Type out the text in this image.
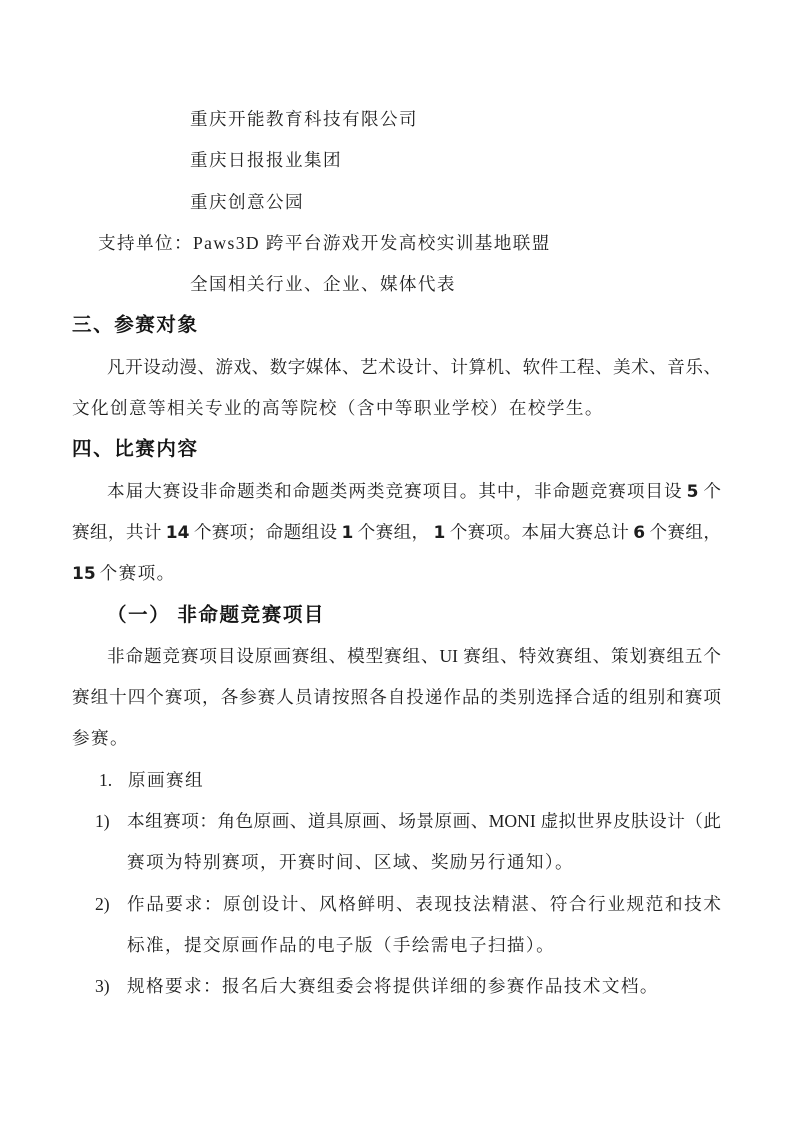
重庆开能教育科技有限公司
重庆日报报业集团
重庆创意公园
支持单位：Paws3D 跨平台游戏开发高校实训基地联盟
全国相关行业、企业、媒体代表
三、参赛对象
凡开设动漫、游戏、数字媒体、艺术设计、计算机、软件工程、美术、音乐、
文化创意等相关专业的高等院校（含中等职业学校）在校学生。
四、比赛内容
本届大赛设非命题类和命题类两类竞赛项目。其中，非命题竞赛项目设 5 个
赛组，共计 14 个赛项；命题组设 1 个赛组， 1 个赛项。本届大赛总计 6 个赛组，
15 个赛项。
（一） 非命题竞赛项目
非命题竞赛项目设原画赛组、模型赛组、UI 赛组、特效赛组、策划赛组五个
赛组十四个赛项，各参赛人员请按照各自投递作品的类别选择合适的组别和赛项
参赛。
1. 原画赛组
1) 本组赛项：角色原画、道具原画、场景原画、MONI 虚拟世界皮肤设计（此
赛项为特别赛项，开赛时间、区域、奖励另行通知）。
2) 作品要求：原创设计、风格鲜明、表现技法精湛、符合行业规范和技术
标准，提交原画作品的电子版（手绘需电子扫描）。
3) 规格要求：报名后大赛组委会将提供详细的参赛作品技术文档。
